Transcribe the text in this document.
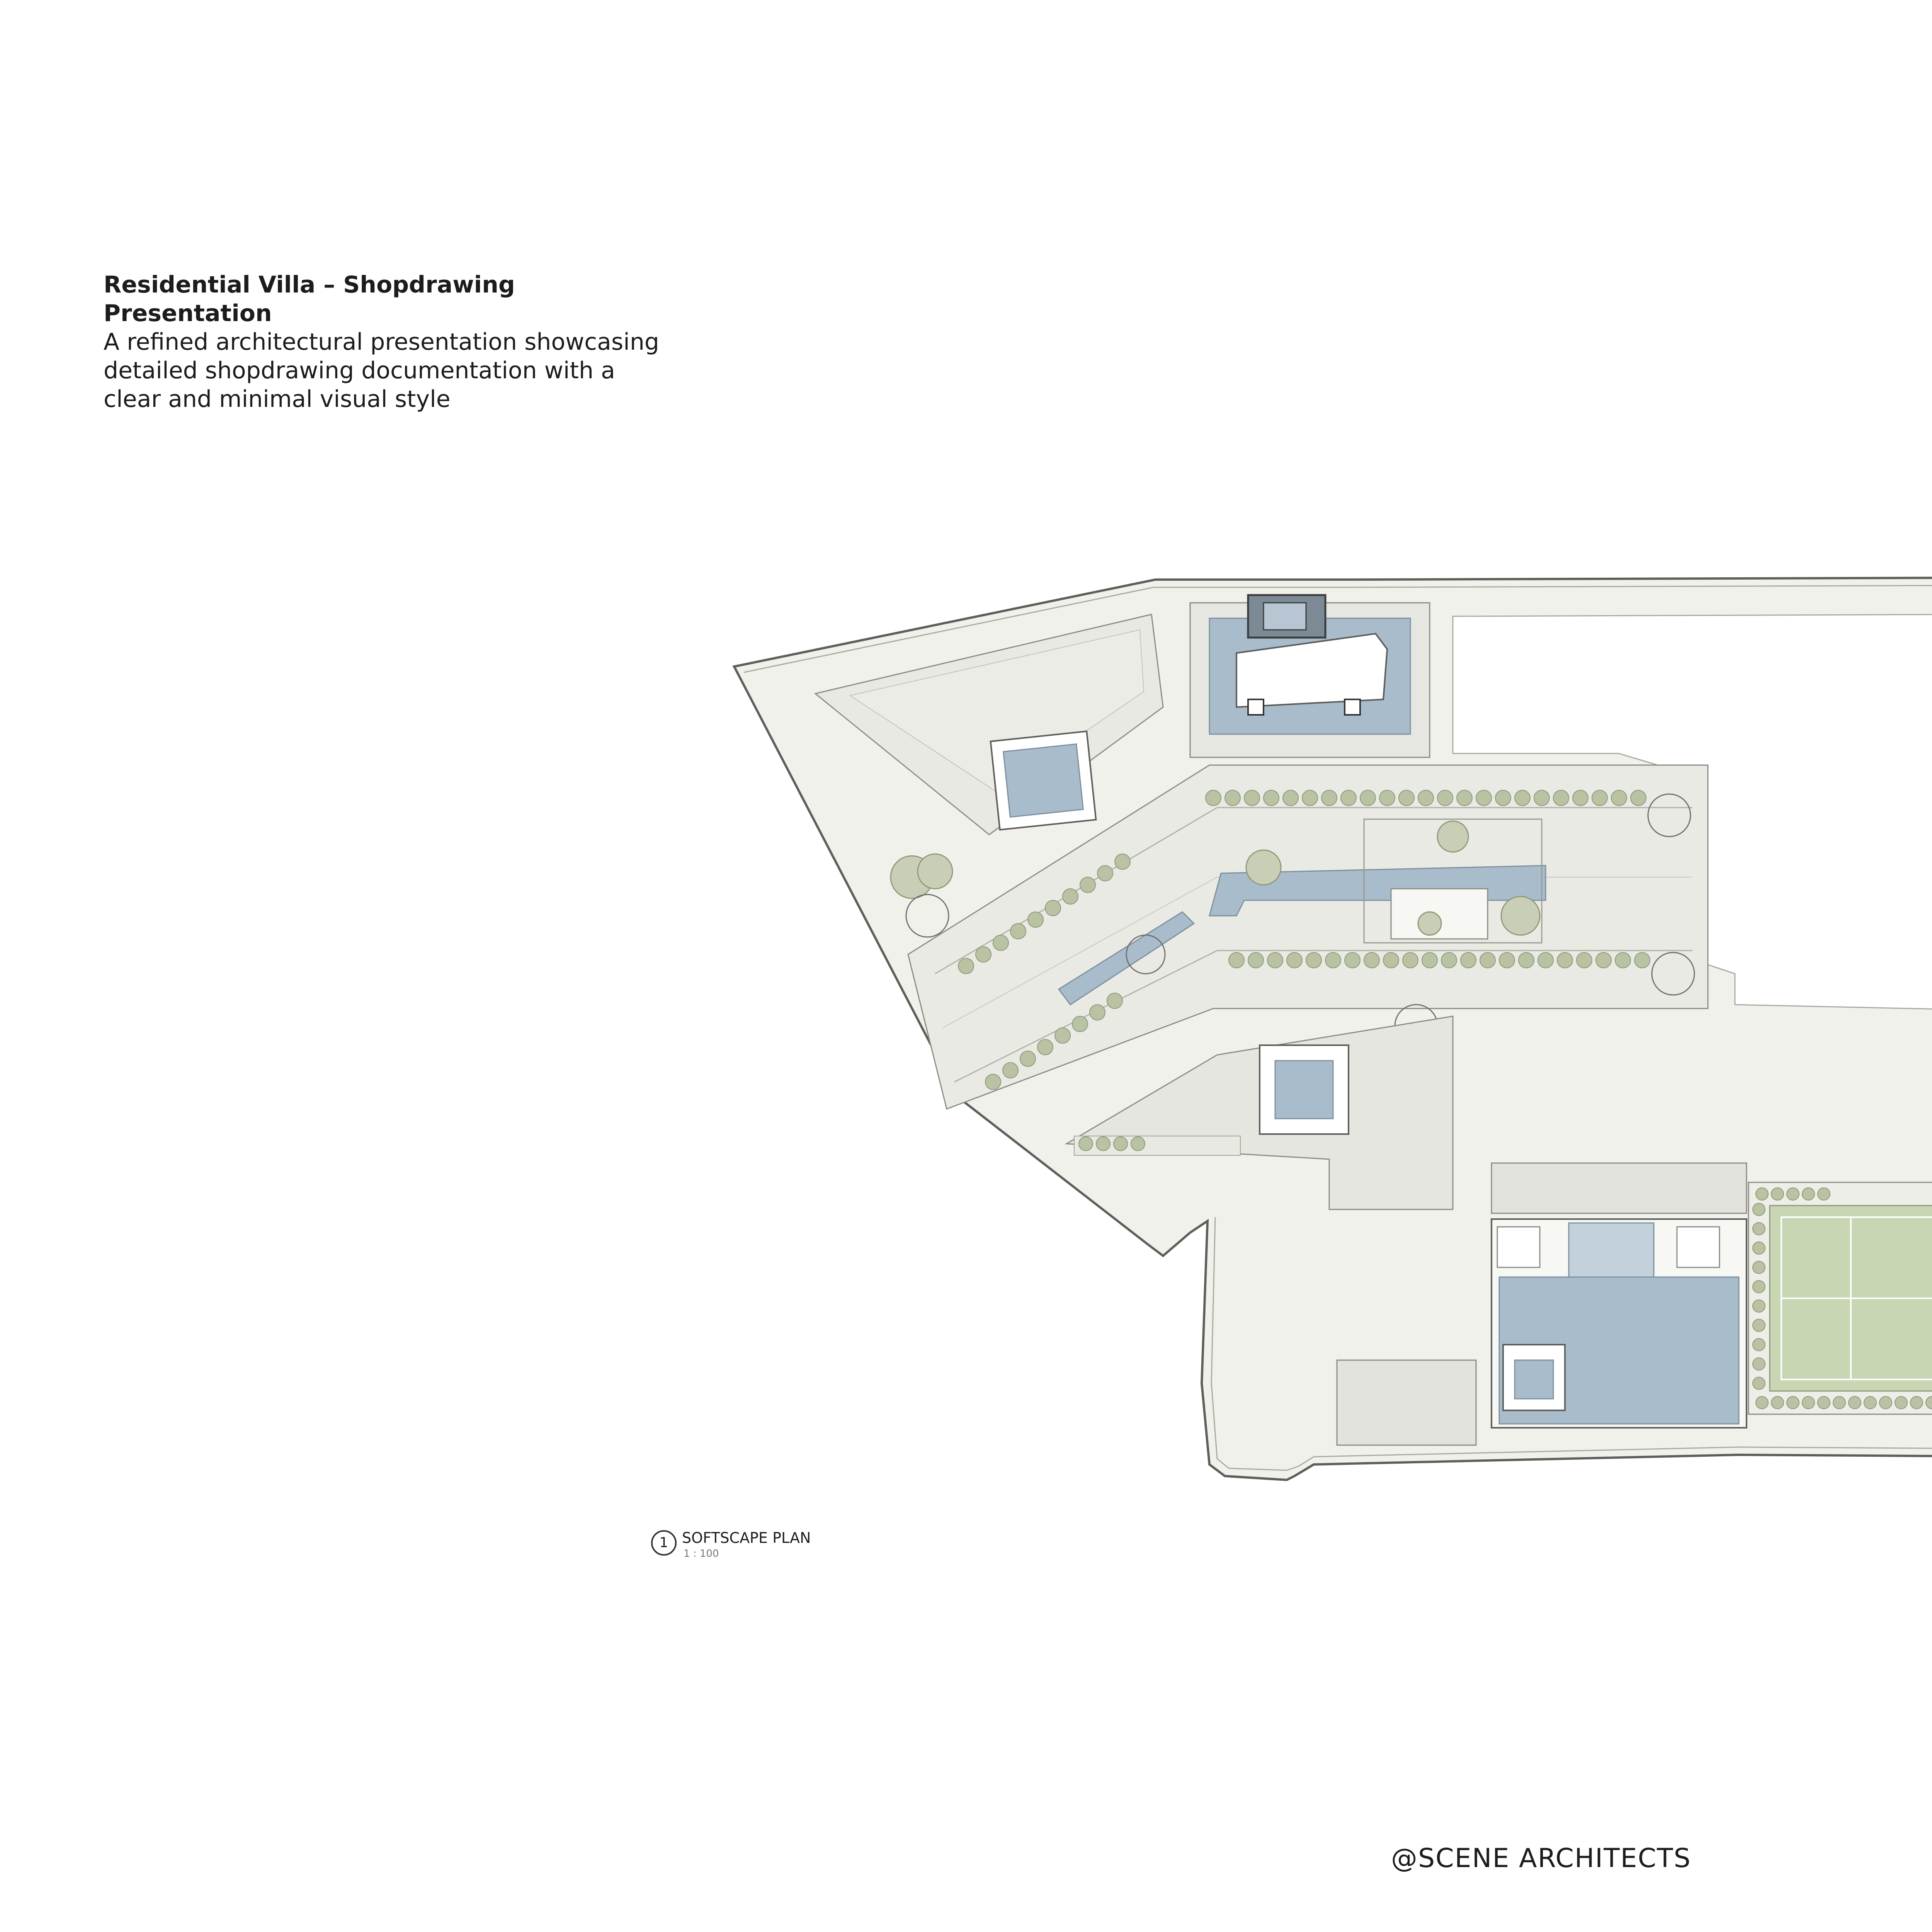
Residential Villa – Shopdrawing Presentation

A refined architectural presentation showcasing

detailed shopdrawing documentation with a

clear and minimal visual style

1 SOFTSCAPE PLAN
1 : 100
@SCENE ARCHITECTS
